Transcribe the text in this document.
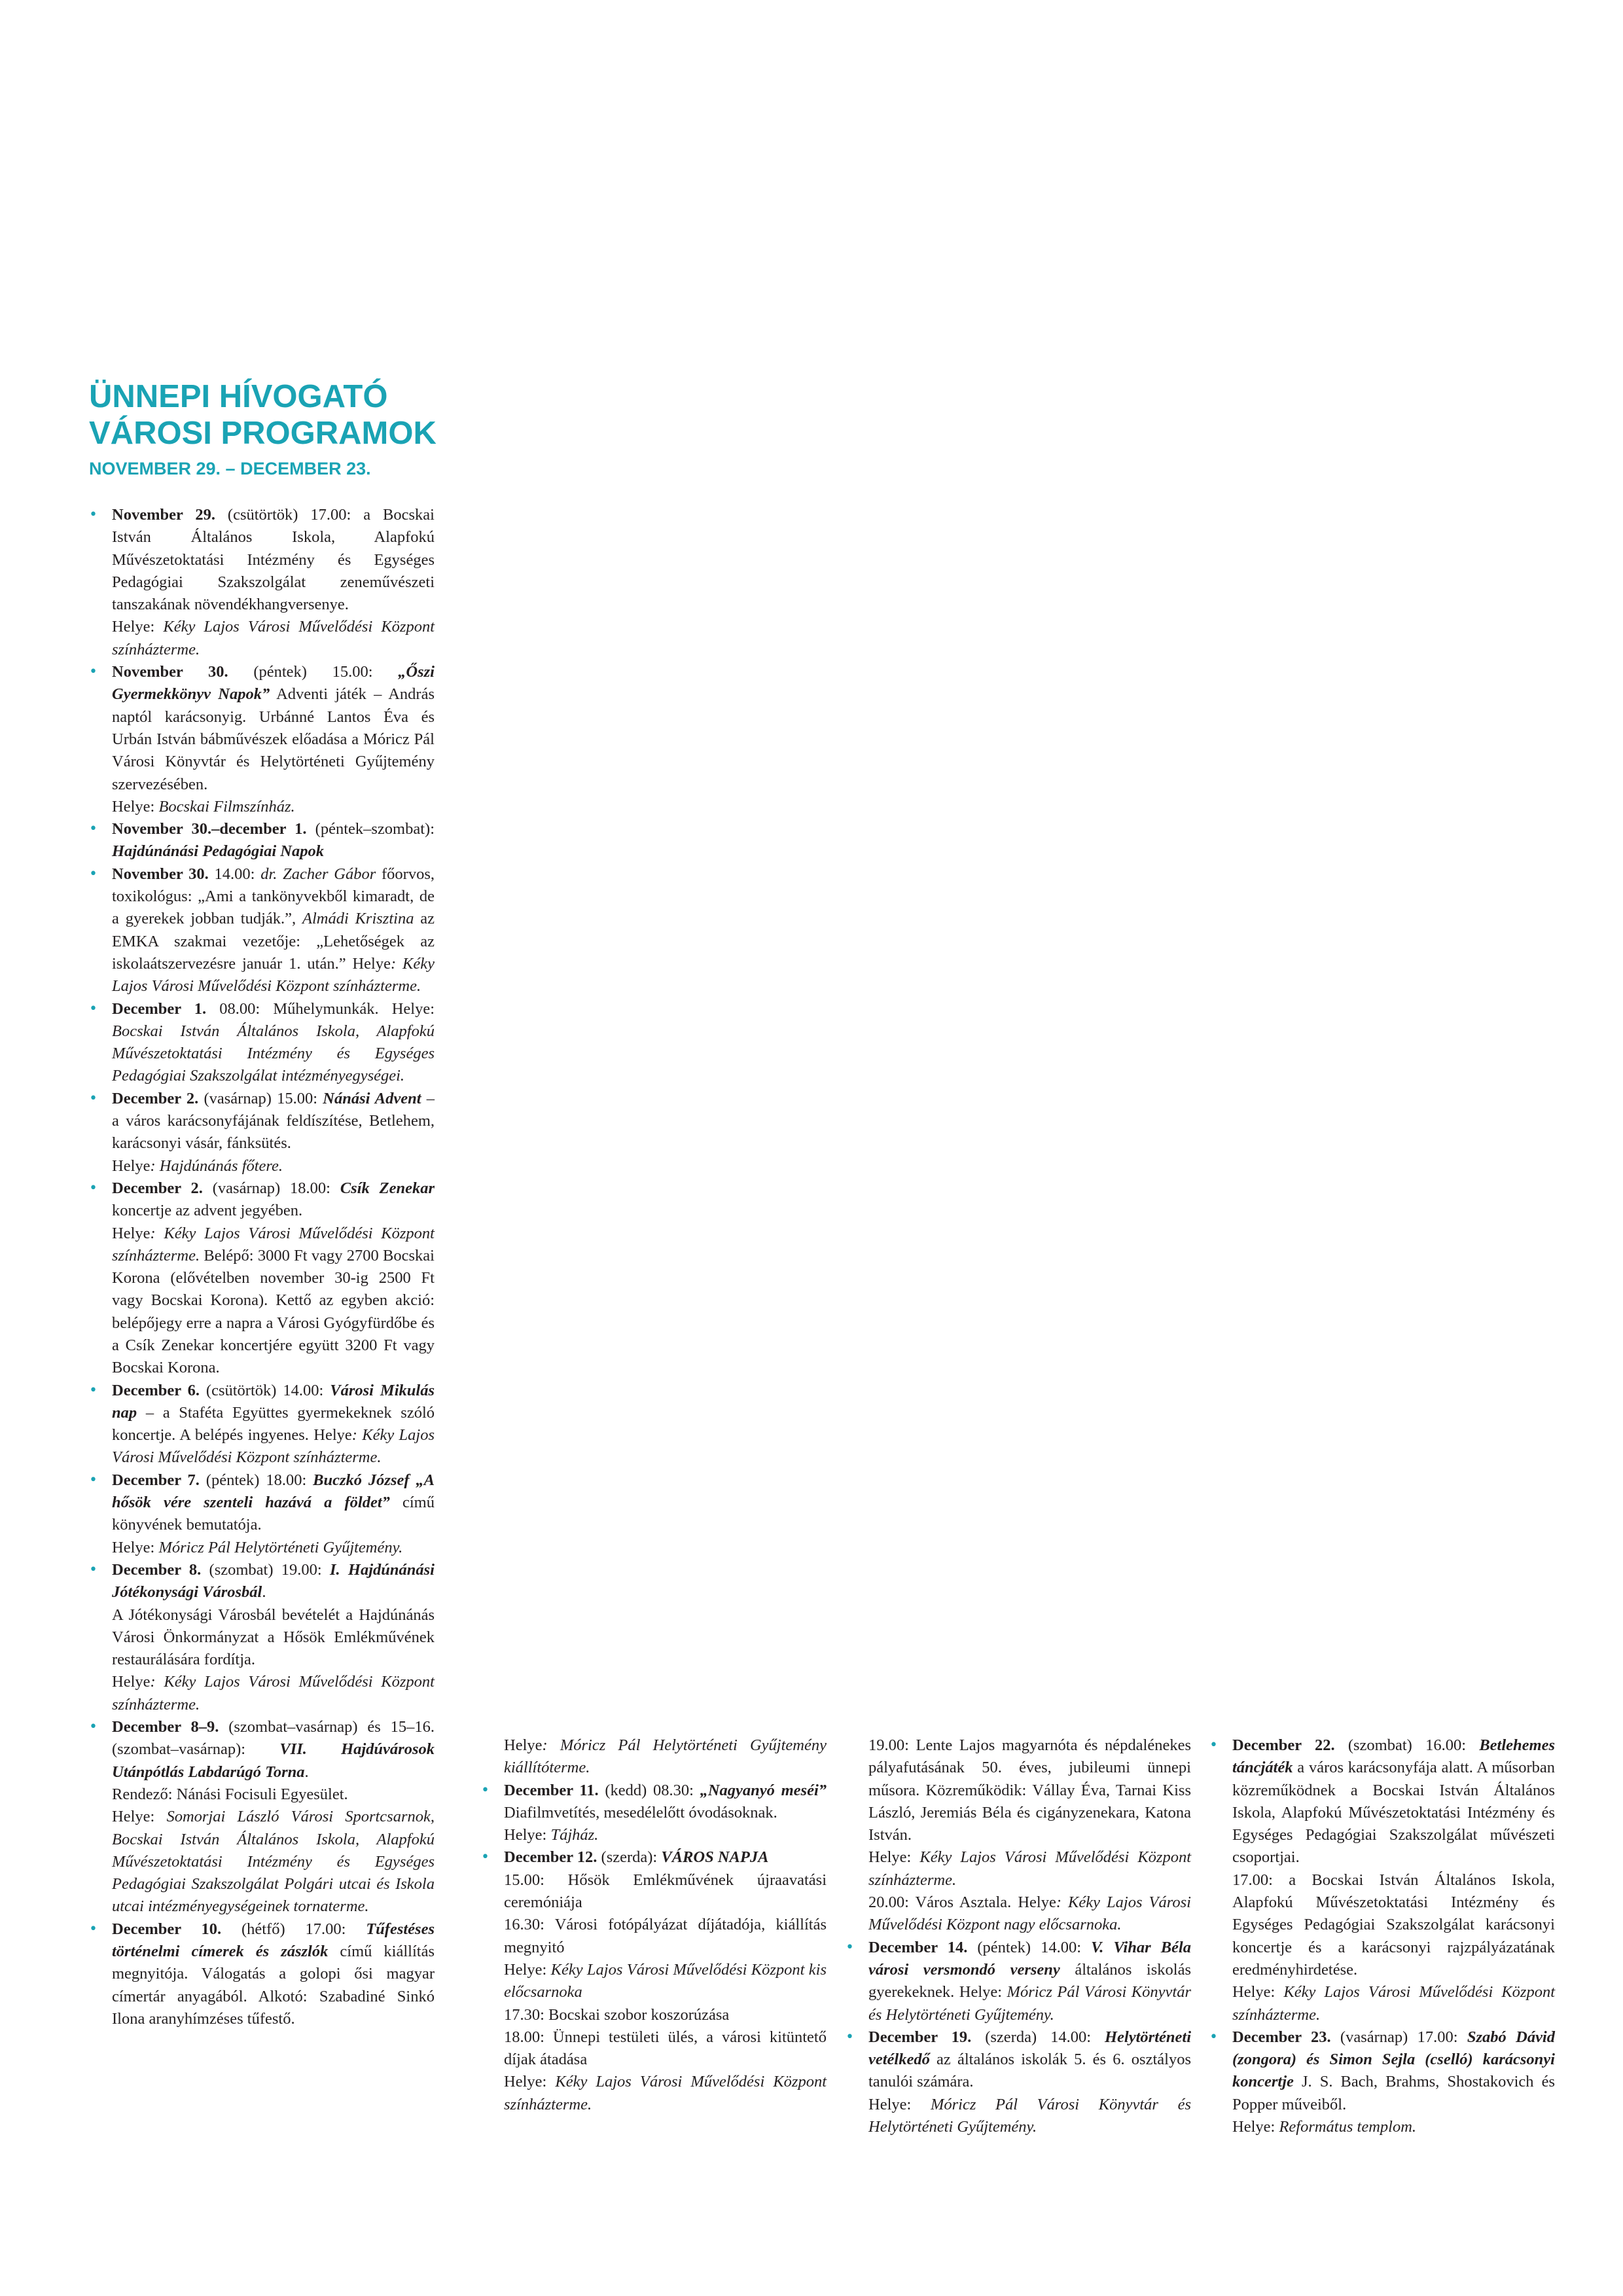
ÜNNEPI HÍVOGATÓ
VÁROSI PROGRAMOK
NOVEMBER 29. – DECEMBER 23.
• November 29. (csütörtök) 17.00: a Bocskai István Általános Iskola, Alapfokú Művészetoktatási Intézmény és Egységes Pedagógiai Szakszolgálat zeneművészeti tanszakának növendékhangversenye.

Helye: Kéky Lajos Városi Művelődési Központ színházterme.

• November 30. (péntek) 15.00: „Őszi Gyermekkönyv Napok” Adventi játék – András naptól karácsonyig. Urbánné Lantos Éva és Urbán István bábművészek előadása a Móricz Pál Városi Könyvtár és Helytörténeti Gyűjtemény szervezésében.

Helye: Bocskai Filmszínház.

• November 30.–december 1. (péntek–szombat): Hajdúnánási Pedagógiai Napok

• November 30. 14.00: dr. Zacher Gábor főorvos, toxikológus: „Ami a tankönyvekből kimaradt, de a gyerekek jobban tudják.”, Almádi Krisztina az EMKA szakmai vezetője: „Lehetőségek az iskolaátszervezésre január 1. után.” Helye: Kéky Lajos Városi Művelődési Központ színházterme.

• December 1. 08.00: Műhelymunkák. Helye: Bocskai István Általános Iskola, Alapfokú Művészetoktatási Intézmény és Egységes Pedagógiai Szakszolgálat intézményegységei.

• December 2. (vasárnap) 15.00: Nánási Advent – a város karácsonyfájának feldíszítése, Betlehem, karácsonyi vásár, fánksütés.

Helye: Hajdúnánás főtere.

• December 2. (vasárnap) 18.00: Csík Zenekar koncertje az advent jegyében.

Helye: Kéky Lajos Városi Művelődési Központ színházterme. Belépő: 3000 Ft vagy 2700 Bocskai Korona (elővételben november 30-ig 2500 Ft vagy Bocskai Korona). Kettő az egyben akció: belépőjegy erre a napra a Városi Gyógyfürdőbe és a Csík Zenekar koncertjére együtt 3200 Ft vagy Bocskai Korona.

• December 6. (csütörtök) 14.00: Városi Mikulás nap – a Staféta Együttes gyermekeknek szóló koncertje. A belépés ingyenes. Helye: Kéky Lajos Városi Művelődési Központ színházterme.

• December 7. (péntek) 18.00: Buczkó József „A hősök vére szenteli hazává a földet” című könyvének bemutatója.

Helye: Móricz Pál Helytörténeti Gyűjtemény.

• December 8. (szombat) 19.00: I. Hajdúnánási Jótékonysági Városbál.

A Jótékonysági Városbál bevételét a Hajdúnánás Városi Önkormányzat a Hősök Emlékművének restaurálására fordítja.

Helye: Kéky Lajos Városi Művelődési Központ színházterme.

• December 8–9. (szombat–vasárnap) és 15–16. (szombat–vasárnap): VII. Hajdúvárosok Utánpótlás Labdarúgó Torna.

Rendező: Nánási Focisuli Egyesület.

Helye: Somorjai László Városi Sportcsarnok, Bocskai István Általános Iskola, Alapfokú Művészetoktatási Intézmény és Egységes Pedagógiai Szakszolgálat Polgári utcai és Iskola utcai intézményegységeinek tornaterme.

• December 10. (hétfő) 17.00: Tűfestéses történelmi címerek és zászlók című kiállítás megnyitója. Válogatás a golopi ősi magyar címertár anyagából. Alkotó: Szabadiné Sinkó Ilona aranyhímzéses tűfestő.

Helye: Móricz Pál Helytörténeti Gyűjtemény kiállítóterme.

• December 11. (kedd) 08.30: „Nagyanyó meséi” Diafilmvetítés, mesedélelőtt óvodásoknak.

Helye: Tájház.

• December 12. (szerda): VÁROS NAPJA

15.00: Hősök Emlékművének újraavatási ceremóniája

16.30: Városi fotópályázat díjátadója, kiállítás megnyitó

Helye: Kéky Lajos Városi Művelődési Központ kis előcsarnoka

17.30: Bocskai szobor koszorúzása

18.00: Ünnepi testületi ülés, a városi kitüntető díjak átadása

Helye: Kéky Lajos Városi Művelődési Központ színházterme.

19.00: Lente Lajos magyarnóta és népdalénekes pályafutásának 50. éves, jubileumi ünnepi műsora. Közreműködik: Vállay Éva, Tarnai Kiss László, Jeremiás Béla és cigányzenekara, Katona István.

Helye: Kéky Lajos Városi Művelődési Központ színházterme.

20.00: Város Asztala. Helye: Kéky Lajos Városi Művelődési Központ nagy előcsarnoka.

• December 14. (péntek) 14.00: V. Vihar Béla városi versmondó verseny általános iskolás gyerekeknek. Helye: Móricz Pál Városi Könyvtár és Helytörténeti Gyűjtemény.

• December 19. (szerda) 14.00: Helytörténeti vetélkedő az általános iskolák 5. és 6. osztályos tanulói számára.

Helye: Móricz Pál Városi Könyvtár és Helytörténeti Gyűjtemény.

• December 22. (szombat) 16.00: Betlehemes táncjáték a város karácsonyfája alatt. A műsorban közreműködnek a Bocskai István Általános Iskola, Alapfokú Művészetoktatási Intézmény és Egységes Pedagógiai Szakszolgálat művészeti csoportjai.

17.00: a Bocskai István Általános Iskola, Alapfokú Művészetoktatási Intézmény és Egységes Pedagógiai Szakszolgálat karácsonyi koncertje és a karácsonyi rajzpályázatának eredményhirdetése.

Helye: Kéky Lajos Városi Művelődési Központ színházterme.

• December 23. (vasárnap) 17.00: Szabó Dávid (zongora) és Simon Sejla (cselló) karácsonyi koncertje J. S. Bach, Brahms, Shostakovich és Popper műveiből.

Helye: Református templom.
